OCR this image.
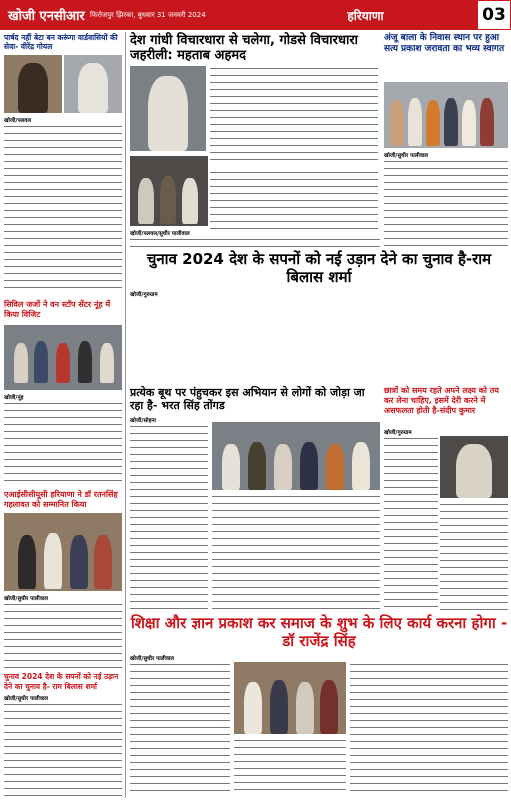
खोजी एनसीआर फिरोजपुर झिरका, बुधवार 31 जनवरी 2024	हरियाणा	03
पार्षद नहीं बेटा बन करूंगा वार्डवासियों की सेवा- वीरेंद्र गोयल
खोजी/पलवल
सिविल जजों ने वन स्टॉप सेंटर नूंह में किया विजिट
खोजी/नूंह
एआईसीसीयूसी हरियाणा ने डॉ रतनसिंह गहलावत को सम्मानित किया
खोजी/सुधीर पालीवाल
चुनाव 2024 देश के सपनों को नई उड़ान देने का चुनाव है- राम बिलास शर्मा
खोजी/सुधीर पालीवाल
देश गांधी विचारधारा से चलेगा, गोडसे विचारधारा जहरीली: महताब अहमद
खोजी/पलवल/सुधीर पालीवाल
अंजू बाला के निवास स्थान पर हुआ सत्य प्रकाश जरावता का भव्य स्वागत
खोजी/सुधीर पालीवाल
चुनाव 2024 देश के सपनों को नई उड़ान देने का चुनाव है-राम बिलास शर्मा
खोजी/गुरुग्राम
प्रत्येक बूथ पर पंहुचकर इस अभियान से लोगों को जोड़ा जा रहा है- भरत सिंह तोंगड
खोजी/सोहना
छात्रों को समय रहते अपने लक्ष्य को तय कर लेना चाहिए, इसमें देरी करने में असफलता होती है-संदीप कुमार
खोजी/गुरुग्राम
शिक्षा और ज्ञान प्रकाश कर समाज के शुभ के लिए कार्य करना होगा - डॉ राजेंद्र सिंह
खोजी/सुधीर पालीवाल
